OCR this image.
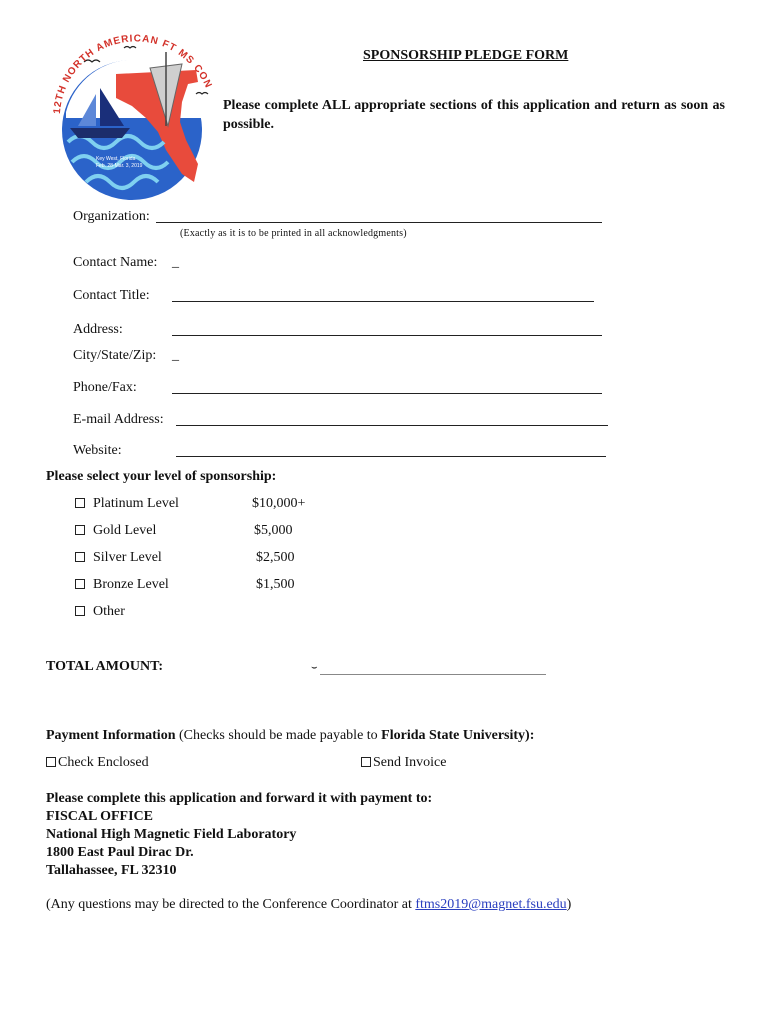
12TH NORTH AMERICAN FT MS CON
Key West, Florida
Feb. 28-Mar. 3, 2019
SPONSORSHIP PLEDGE FORM
Please complete ALL appropriate sections of this application and return as soon as possible.
Organization:
(Exactly as it is to be printed in all acknowledgments)
Contact Name: _
Contact Title:
Address:
City/State/Zip: _
Phone/Fax:
E-mail Address:
Website:
Please select your level of sponsorship:
Platinum Level	$10,000+
Gold Level	$5,000
Silver Level	$2,500
Bronze Level	$1,500
Other
TOTAL AMOUNT:	⌣
Payment Information (Checks should be made payable to Florida State University):
Check Enclosed	Send Invoice
Please complete this application and forward it with payment to:
FISCAL OFFICE
National High Magnetic Field Laboratory
1800 East Paul Dirac Dr.
Tallahassee, FL 32310
(Any questions may be directed to the Conference Coordinator at ftms2019@magnet.fsu.edu)
